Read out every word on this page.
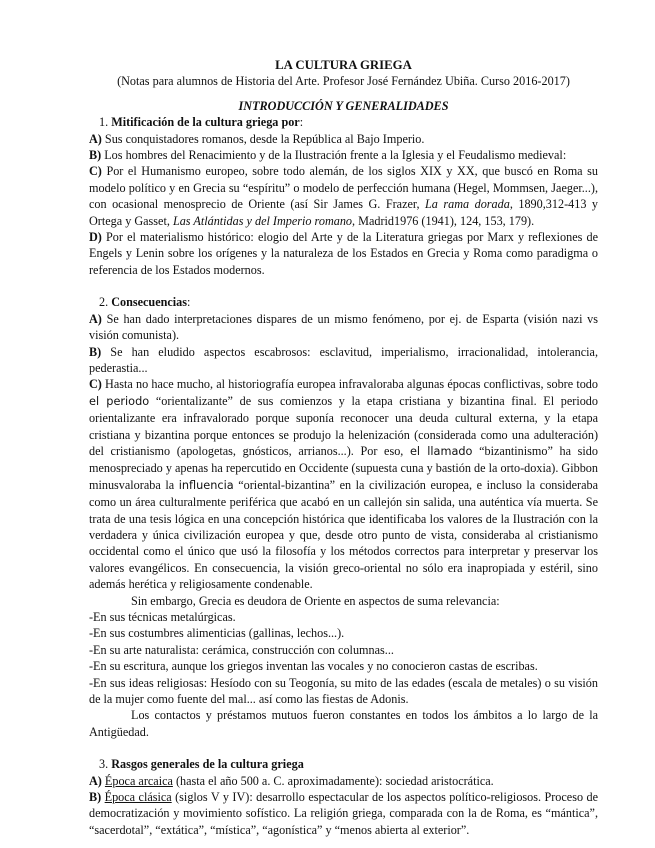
LA CULTURA GRIEGA

(Notas para alumnos de Historia del Arte. Profesor José Fernández Ubiña. Curso 2016-2017)

INTRODUCCIÓN Y GENERALIDADES

1. Mitificación de la cultura griega por:

A) Sus conquistadores romanos, desde la República al Bajo Imperio.

B) Los hombres del Renacimiento y de la Ilustración frente a la Iglesia y el Feudalismo medieval:

C) Por el Humanismo europeo, sobre todo alemán, de los siglos XIX y XX, que buscó en Roma su modelo político y en Grecia su “espíritu” o modelo de perfección humana (Hegel, Mommsen, Jaeger...), con ocasional menosprecio de Oriente (así Sir James G. Frazer, La rama dorada, 1890,312-413 y Ortega y Gasset, Las Atlántidas y del Imperio romano, Madrid1976 (1941), 124, 153, 179).

D) Por el materialismo histórico: elogio del Arte y de la Literatura griegas por Marx y reflexiones de Engels y Lenin sobre los orígenes y la naturaleza de los Estados en Grecia y Roma como paradigma o referencia de los Estados modernos.

2. Consecuencias:

A) Se han dado interpretaciones dispares de un mismo fenómeno, por ej. de Esparta (visión nazi vs visión comunista).

B) Se han eludido aspectos escabrosos: esclavitud, imperialismo, irracionalidad, intolerancia, pederastia...

C) Hasta no hace mucho, al historiografía europea infravaloraba algunas épocas conflictivas, sobre todo el periodo “orientalizante” de sus comienzos y la etapa cristiana y bizantina final. El periodo orientalizante era infravalorado porque suponía reconocer una deuda cultural externa, y la etapa cristiana y bizantina porque entonces se produjo la helenización (considerada como una adulteración) del cristianismo (apologetas, gnósticos, arrianos...). Por eso, el llamado “bizantinismo” ha sido menospreciado y apenas ha repercutido en Occidente (supuesta cuna y bastión de la orto-doxia). Gibbon minusvaloraba la influencia “oriental-bizantina” en la civilización europea, e incluso la consideraba como un área culturalmente periférica que acabó en un callejón sin salida, una auténtica vía muerta. Se trata de una tesis lógica en una concepción histórica que identificaba los valores de la Ilustración con la verdadera y única civilización europea y que, desde otro punto de vista, consideraba al cristianismo occidental como el único que usó la filosofía y los métodos correctos para interpretar y preservar los valores evangélicos. En consecuencia, la visión greco-oriental no sólo era inapropiada y estéril, sino además herética y religiosamente condenable.

Sin embargo, Grecia es deudora de Oriente en aspectos de suma relevancia:

-En sus técnicas metalúrgicas.

-En sus costumbres alimenticias (gallinas, lechos...).

-En su arte naturalista: cerámica, construcción con columnas...

-En su escritura, aunque los griegos inventan las vocales y no conocieron castas de escribas.

-En sus ideas religiosas: Hesíodo con su Teogonía, su mito de las edades (escala de metales) o su visión de la mujer como fuente del mal... así como las fiestas de Adonis.

Los contactos y préstamos mutuos fueron constantes en todos los ámbitos a lo largo de la Antigüedad.

3. Rasgos generales de la cultura griega

A) Época arcaica (hasta el año 500 a. C. aproximadamente): sociedad aristocrática.

B) Época clásica (siglos V y IV): desarrollo espectacular de los aspectos político-religiosos. Proceso de democratización y movimiento sofístico. La religión griega, comparada con la de Roma, es “mántica”, “sacerdotal”, “extática”, “mística”, “agonística” y “menos abierta al exterior”.
